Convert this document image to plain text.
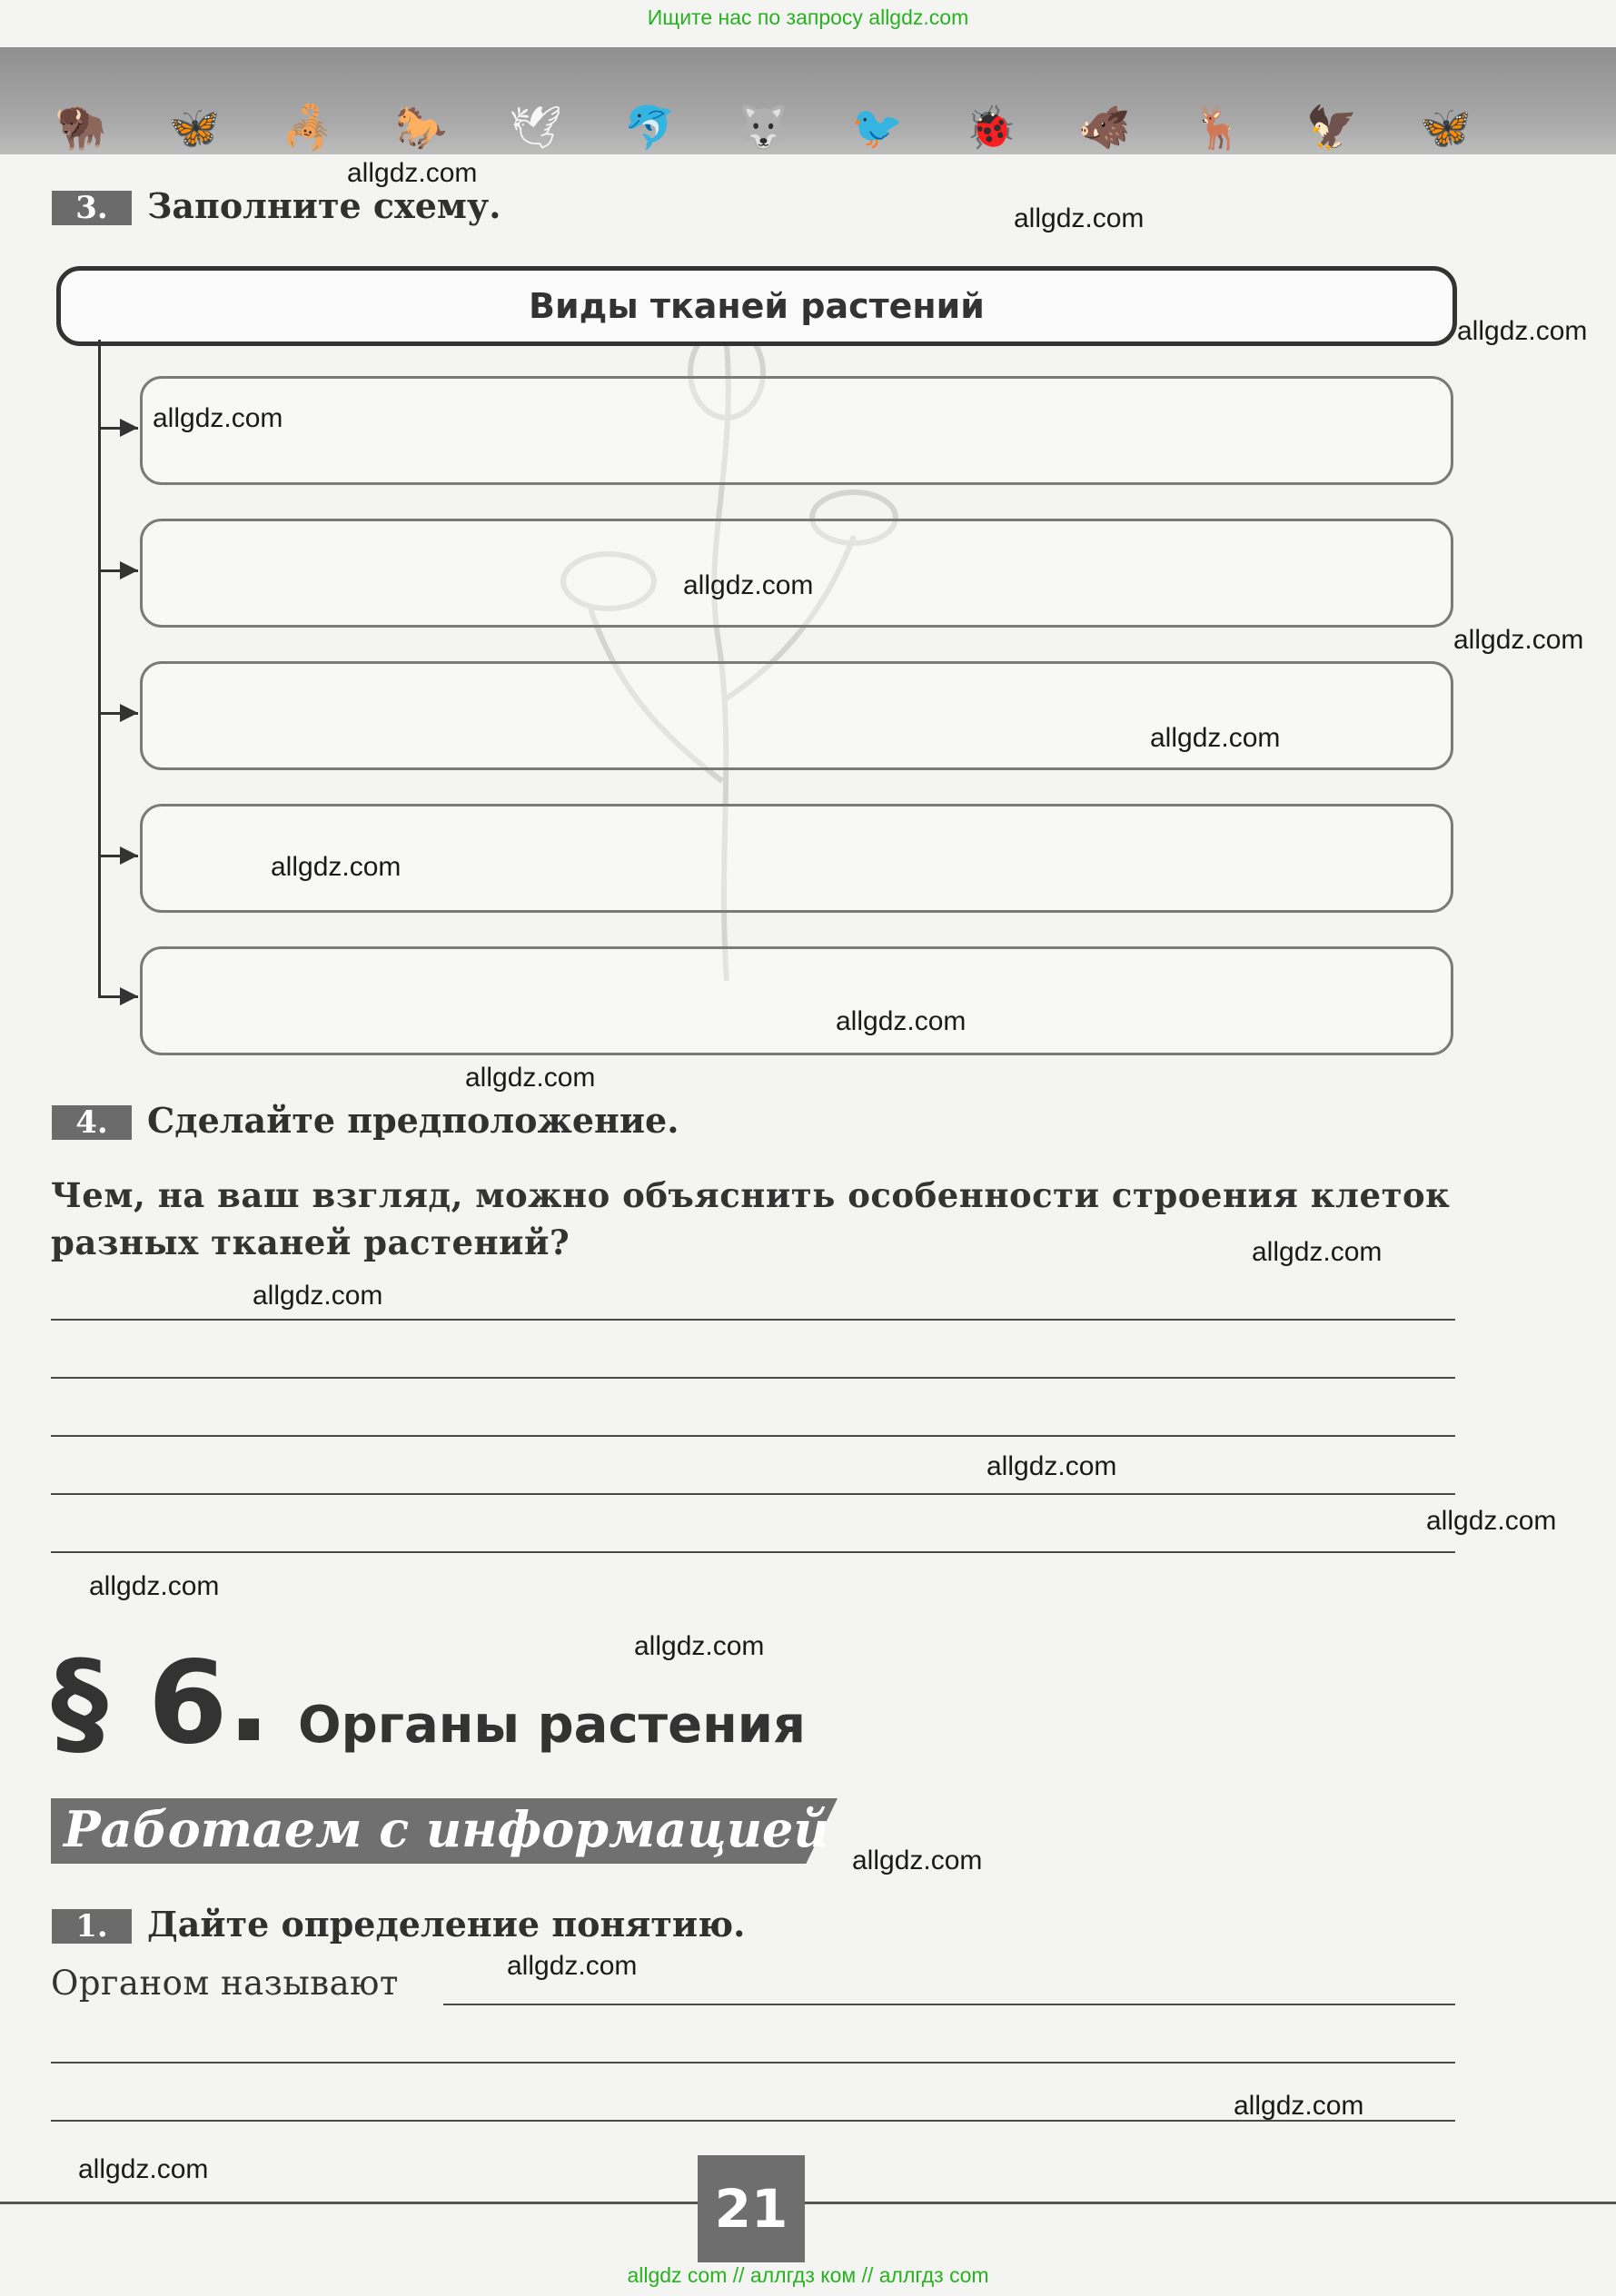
Ищите нас по запросу allgdz.com
allgdz com // аллгдз ком // аллгдз com
🦬 🦋 🦂 🐎 🕊 🐬 🐺 🐦 🐞 🐗 🦌 🦅 🦋
3.	Заполните схему.
Виды тканей растений
4.	Сделайте предположение.
Чем, на ваш взгляд, можно объяснить особенности строения клеток
разных тканей растений?
§ 6 . Органы растения
Работаем с информацией
1.	Дайте определение понятию.
Органом называют
21
allgdz.com
allgdz.com
allgdz.com
allgdz.com
allgdz.com
allgdz.com
allgdz.com
allgdz.com
allgdz.com
allgdz.com
allgdz.com
allgdz.com
allgdz.com
allgdz.com
allgdz.com
allgdz.com
allgdz.com
allgdz.com
allgdz.com
allgdz.com
